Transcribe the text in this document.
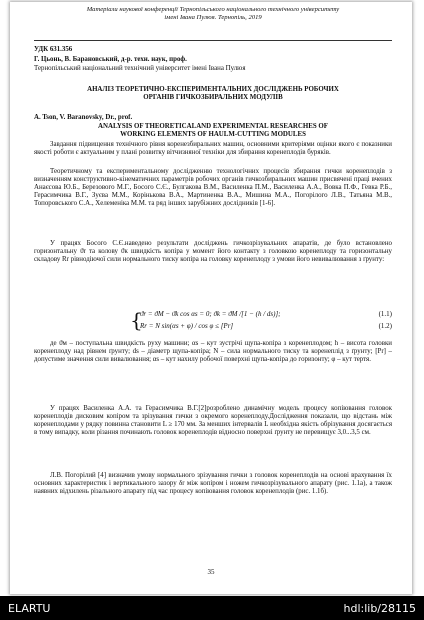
Матеріали наукової конференції Тернопільського національного технічного університету
імені Івана Пулюя. Тернопіль, 2019
УДК 631.356
Г. Цьонь, В. Барановський, д-р. техн. наук, проф.
Тернопільський національний технічний університет імені Івана Пулюя
АНАЛІЗ ТЕОРЕТИЧНО-ЕКСПЕРИМЕНТАЛЬНИХ ДОСЛІДЖЕНЬ РОБОЧИХ
ОРГАНІВ ГИЧКОЗБИРАЛЬНИХ МОДУЛІВ
A. Tson, V. Baranovsky, Dr., prof.
ANALYSIS OF THEORETICALAND EXPERIMENTAL RESEARCHES OF
WORKING ELEMENTS OF HAULM-CUTTING MODULES
Завдання підвищення технічного рівня коренезбиральних машин, основними критеріями оцінки якого є показники якості роботи є актуальним у плані розвитку вітчизняної техніки для збирання коренеплодів буряків.
Теоретичному та експериментальному дослідженню технологічних процесів збирання гички коренеплодів з визначенням конструктивно-кінематичних параметрів робочих органів гичкозбиральних машин присвячені праці вчених Анаєсова Ю.Б., Березового М.Г., Босого С.Є., Булгакова В.М., Василенка П.М., Василенка А.А., Вовка П.Ф., Гевка Р.Б., Герасимчика В.Г., Зуєва М.М., Корінькова В.А., Мартиненка В.А., Мишина М.А., Погорілого Л.В., Татьяна М.В., Топоровського С.А., Хелеменіка М.М. та ряд інших зарубіжних дослідників [1-6].
У працях Босого С.Є.наведено результати досліджень гичкозрізувальних апаратів, де було встановлено горизонтальну ϑr та колову ϑк швидкість копіра у момент його контакту з головкою коренеплоду та горизонтальну складову Rr рівнодіючої сили нормального тиску копіра на головку коренеплоду з умови його невивалювання з ґрунту:
{
ϑr = ϑM − ϑk cos αs = 0; ϑk = ϑM /[1 − (h / ds)];	(1.1)
Rr = N sin(αs + φ) / cos φ ≤ [Pr]	(1.2)
де ϑм – поступальна швидкість руху машини; αs – кут зустрічі щупа-копіра з коренеплодом; h – висота головки коренеплоду над рівнем ґрунту; ds – діаметр щупа-копіра; N – сила нормального тиску та коренеплід з ґрунту; [Pr] – допустиме значення сили вивалювання; αs – кут нахилу робочої поверхні щупа-копіра до горизонту; φ – кут тертя.
У працях Василенка А.А. та Герасимчика В.Г.[2]розроблено динамічну модель процесу копіювання головок коренеплодів дисковим копіром та зрізування гички з окремого коренеплоду.Дослідження показали, що відстань між коренеплодами у рядку повинна становити L ≥ 170 мм. За менших інтервалів L необхідна якість обрізування досягається в тому випадку, коли різання починають головок коренеплодів відносно поверхні ґрунту не перевищує 3,0...3,5 см.
Л.В. Погорілий [4] визначив умову нормального зрізування гички з головок коренеплодів на основі врахування їх основних характеристик і вертикального зазору δr між копіром і ножем гичкозрізувального апарату (рис. 1.1а), а також наявних відхилень різального апарату під час процесу копіювання головок коренеплодів (рис. 1.1б).
35
ELARTU	hdl:lib/28115
